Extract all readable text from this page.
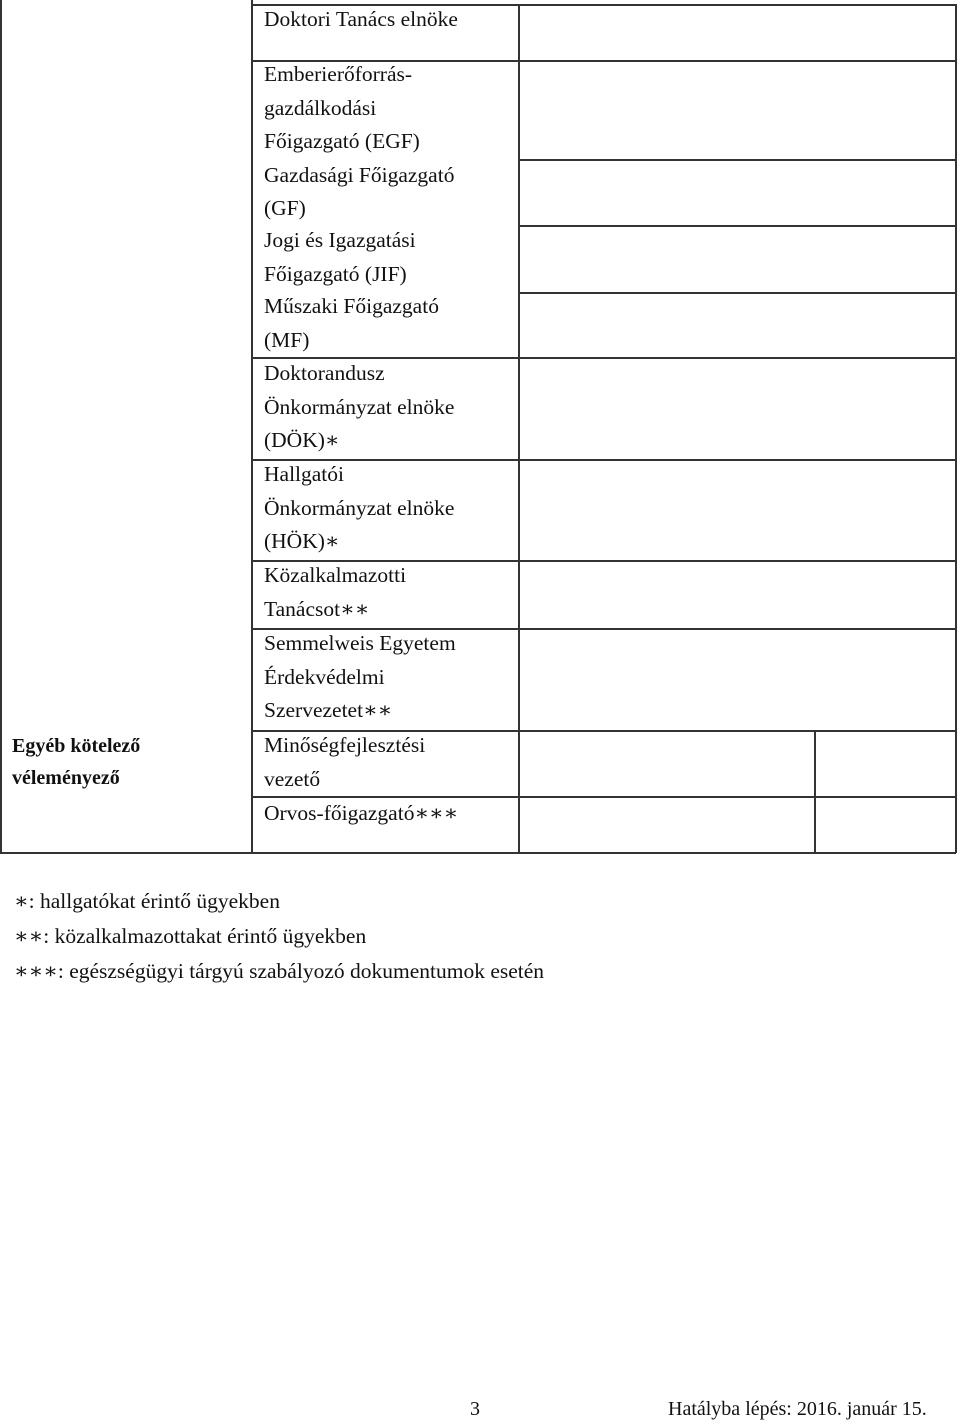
Egyéb kötelező
véleményező
Doktori Tanács elnöke
Emberierőforrás-
gazdálkodási
Főigazgató (EGF)
Gazdasági Főigazgató
(GF)
Jogi és Igazgatási
Főigazgató (JIF)
Műszaki Főigazgató
(MF)
Doktorandusz
Önkormányzat elnöke
(DÖK)∗
Hallgatói
Önkormányzat elnöke
(HÖK)∗
Közalkalmazotti
Tanácsot∗∗
Semmelweis Egyetem
Érdekvédelmi
Szervezetet∗∗
Minőségfejlesztési
vezető
Orvos-főigazgató∗∗∗
∗: hallgatókat érintő ügyekben
∗∗: közalkalmazottakat érintő ügyekben
∗∗∗: egészségügyi tárgyú szabályozó dokumentumok esetén
3	Hatályba lépés: 2016. január 15.
